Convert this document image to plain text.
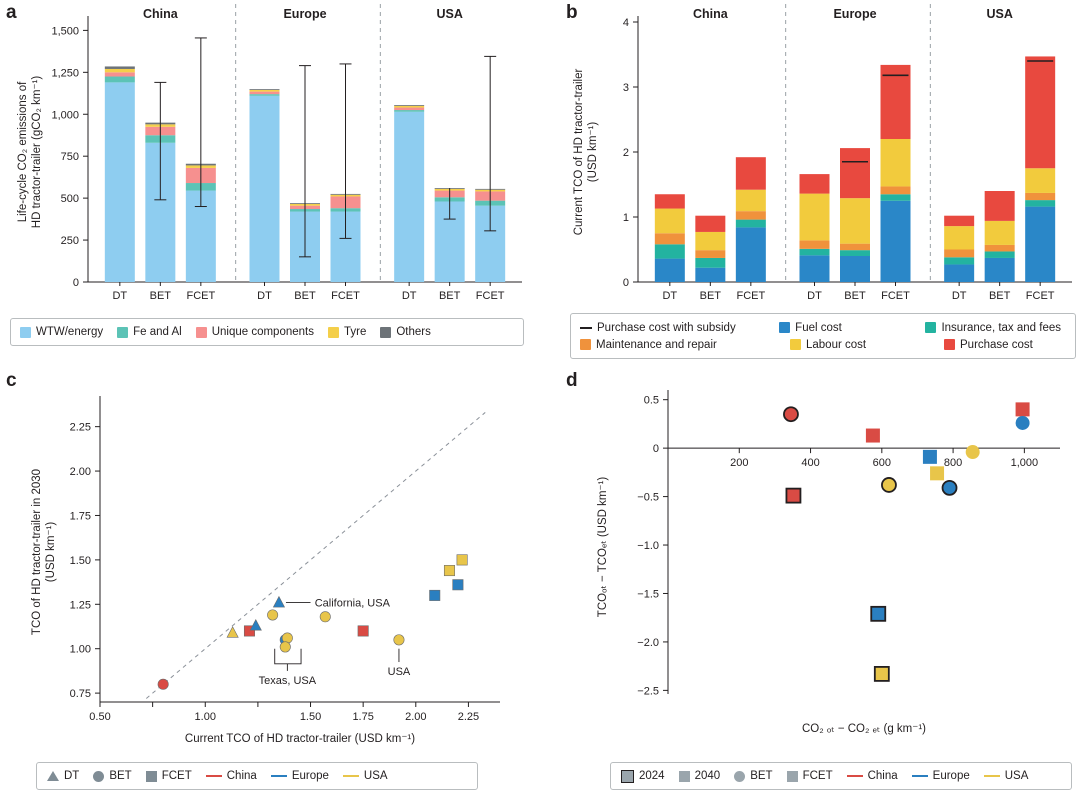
a	b
c	d
0
250
500
750
1,000
1,250
1,500
Life-cycle CO₂ emissions of HD tractor-trailer (gCO₂ km⁻¹)
China
DT BET FCET
Europe
DT BET FCET
USA
DT BET FCET
WTW/energy	Fe and Al	Unique components	Tyre	Others
0
1
2
3
4
Current TCO of HD tractor-trailer (USD km⁻¹)
China
DT BET FCET
Europe
DT BET FCET
USA
DT BET FCET
Purchase cost with subsidy	Fuel cost	Insurance, tax and fees
Maintenance and repair	Labour cost	Purchase cost
0.75
1.00
1.25
1.50
1.75
2.00
2.25
0.50	1.00	1.50	1.75	2.00	2.25
Current TCO of HD tractor-trailer (USD km⁻¹)
TCO of HD tractor-trailer in 2030 (USD km⁻¹)
California, USA
Texas, USA
USA
DT	BET	FCET	China	Europe	USA
0.5
0
−0.5
−1.0
−1.5
−2.0
−2.5
200	400	600	800	1,000
CO₂ ₒₜ − CO₂ ₑₜ (g km⁻¹)
TCOₒₜ − TCOₑₜ (USD km⁻¹)
2024	2040	BET	FCET	China	Europe	USA
